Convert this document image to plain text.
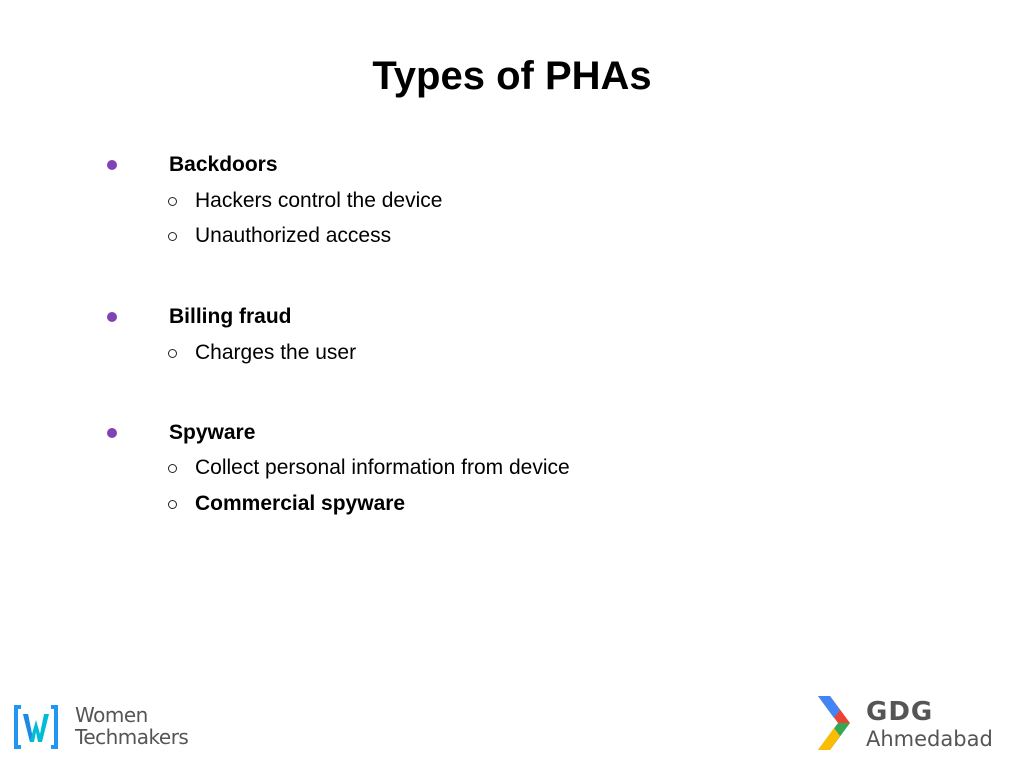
Types of PHAs
Backdoors
Hackers control the device
Unauthorized access
Billing fraud
Charges the user
Spyware
Collect personal information from device
Commercial spyware
Women
Techmakers
GDG
Ahmedabad
